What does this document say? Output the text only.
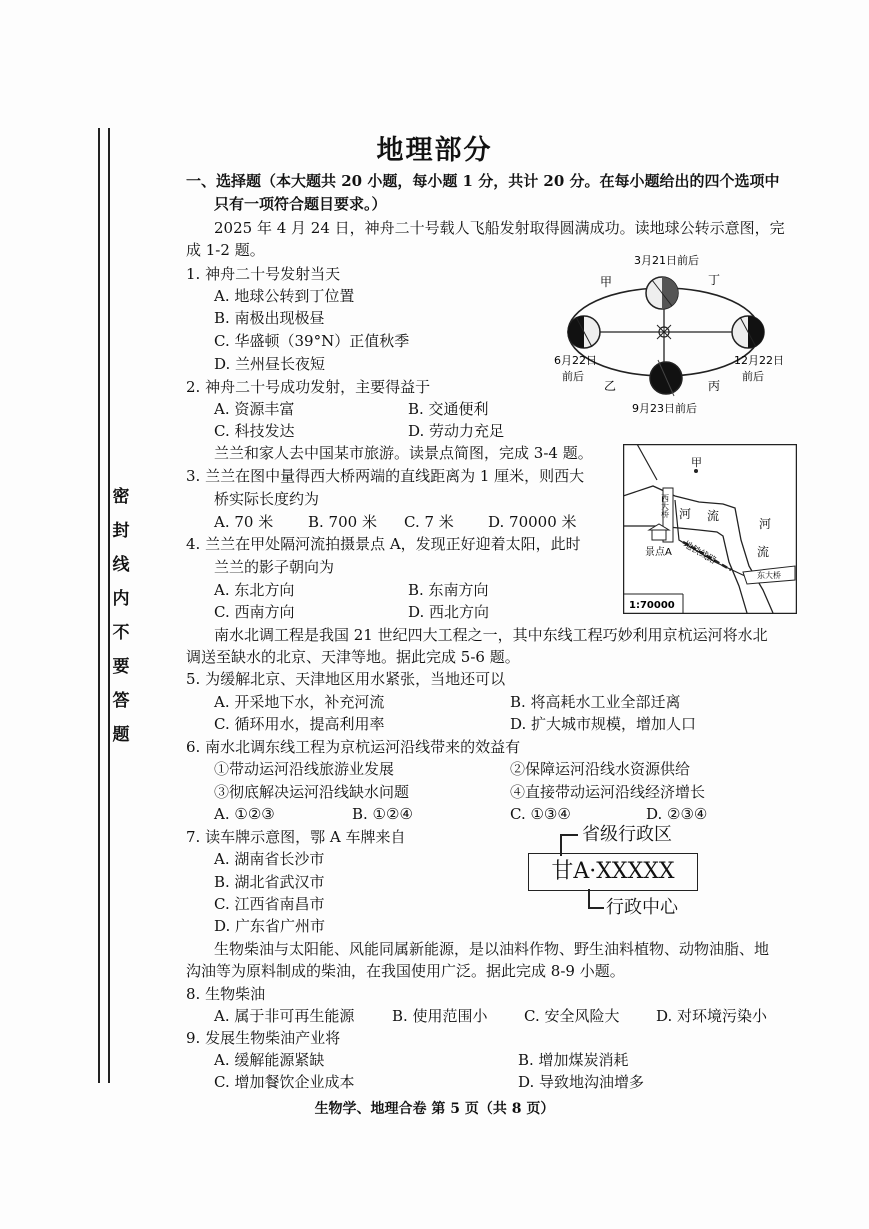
密
封
线
内
不
要
答
题
地理部分
一、选择题（本大题共 20 小题，每小题 1 分，共计 20 分。在每小题给出的四个选项中
只有一项符合题目要求。）
2025 年 4 月 24 日，神舟二十号载人飞船发射取得圆满成功。读地球公转示意图，完
成 1-2 题。
1. 神舟二十号发射当天
A. 地球公转到丁位置
B. 南极出现极昼
C. 华盛顿（39°N）正值秋季
D. 兰州昼长夜短
2. 神舟二十号成功发射，主要得益于
A. 资源丰富	B. 交通便利
C. 科技发达	D. 劳动力充足
3月21日前后
甲	丁
乙	丙
6月22日
前后
12月22日
前后
9月23日前后
兰兰和家人去中国某市旅游。读景点简图，完成 3-4 题。
3. 兰兰在图中量得西大桥两端的直线距离为 1 厘米，则西大
桥实际长度约为
A. 70 米 B. 700 米 C. 7 米 D. 70000 米
4. 兰兰在甲处隔河流拍摄景点 A，发现正好迎着太阳，此时
兰兰的影子朝向为
A. 东北方向	B. 东南方向
C. 西南方向	D. 西北方向
甲
河 流
河
流
西大桥
东大桥
景点A 地铁线路
1:70000
南水北调工程是我国 21 世纪四大工程之一，其中东线工程巧妙利用京杭运河将水北
调送至缺水的北京、天津等地。据此完成 5-6 题。
5. 为缓解北京、天津地区用水紧张，当地还可以
A. 开采地下水，补充河流	B. 将高耗水工业全部迁离
C. 循环用水，提高利用率	D. 扩大城市规模，增加人口
6. 南水北调东线工程为京杭运河沿线带来的效益有
①带动运河沿线旅游业发展	②保障运河沿线水资源供给
③彻底解决运河沿线缺水问题	④直接带动运河沿线经济增长
A. ①②③	B. ①②④	C. ①③④	D. ②③④
7. 读车牌示意图，鄂 A 车牌来自
A. 湖南省长沙市
B. 湖北省武汉市
C. 江西省南昌市
D. 广东省广州市
省级行政区
甘A·XXXXX
行政中心
生物柴油与太阳能、风能同属新能源，是以油料作物、野生油料植物、动物油脂、地
沟油等为原料制成的柴油，在我国使用广泛。据此完成 8-9 小题。
8. 生物柴油
A. 属于非可再生能源	B. 使用范围小 C. 安全风险大 D. 对环境污染小
9. 发展生物柴油产业将
A. 缓解能源紧缺	B. 增加煤炭消耗
C. 增加餐饮企业成本	D. 导致地沟油增多
生物学、地理合卷 第 5 页（共 8 页）
